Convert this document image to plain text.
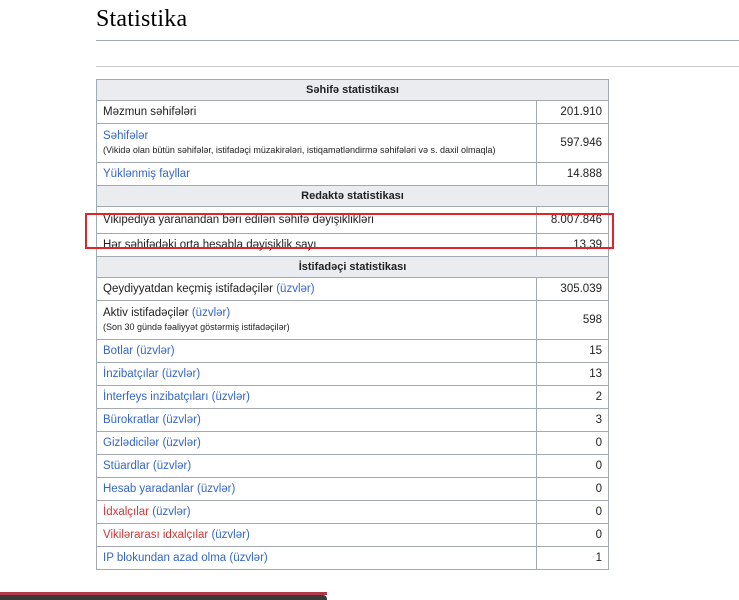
Statistika
Səhifə statistikası	
Məzmun səhifələri	201.910
Səhifələr
(Vikidə olan bütün səhifələr, istifadəçi müzakirələri, istiqamətləndirmə səhifələri və s. daxil olmaqla)	597.946
Yüklənmiş fayllar	14.888
Redaktə statistikası	
Vikipediya yaranandan bəri edilən səhifə dəyişiklikləri	8.007.846
Hər səhifədəki orta hesabla dəyişiklik sayı	13,39
İstifadəçi statistikası	
Qeydiyyatdan keçmiş istifadəçilər (üzvlər)	305.039
Aktiv istifadəçilər (üzvlər)
(Son 30 gündə fəaliyyət göstərmiş istifadəçilər)	598
Botlar (üzvlər)	15
İnzibatçılar (üzvlər)	13
İnterfeys inzibatçıları (üzvlər)	2
Bürokratlar (üzvlər)	3
Gizlədicilər (üzvlər)	0
Stüardlar (üzvlər)	0
Hesab yaradanlar (üzvlər)	0
İdxalçılar (üzvlər)	0
Vikilərarası idxalçılar (üzvlər)	0
IP blokundan azad olma (üzvlər)	1
